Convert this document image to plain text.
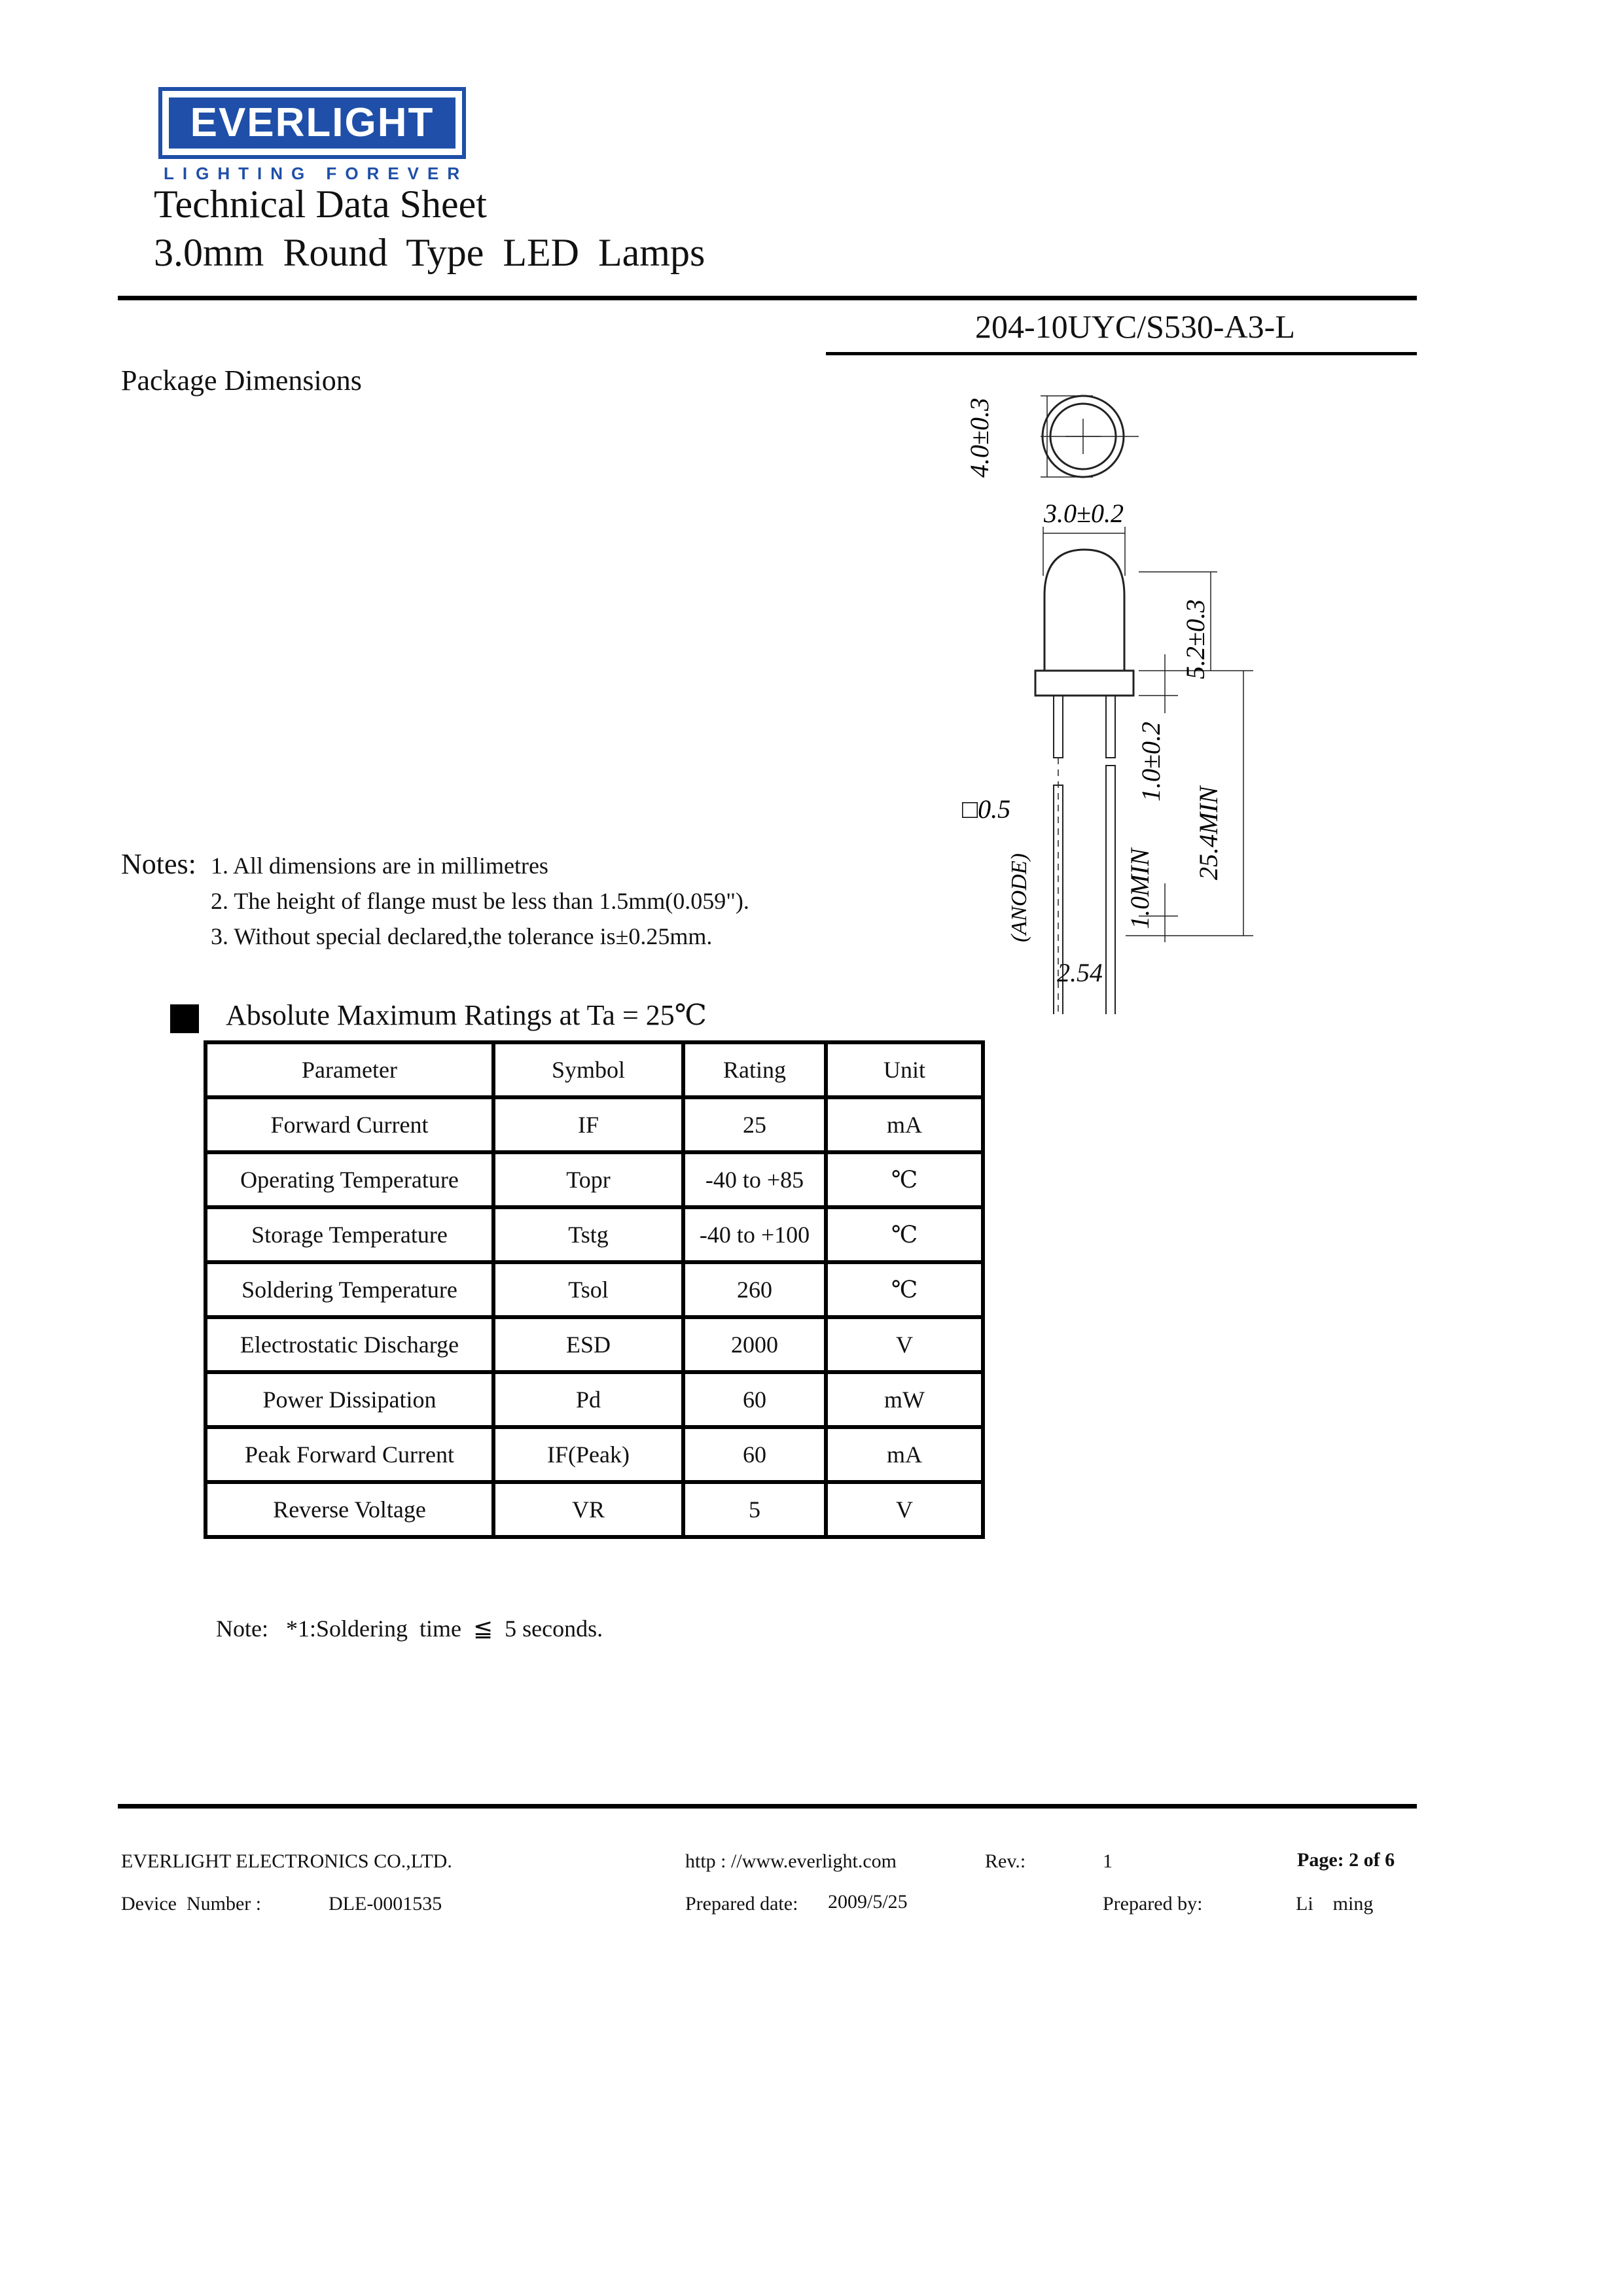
EVERLIGHT
LIGHTING FOREVER
Technical Data Sheet
3.0mm Round Type LED Lamps
204-10UYC/S530-A3-L
Package Dimensions
4.0±0.3
3.0±0.2
5.2±0.3
1.0±0.2
□0.5
(ANODE)	1.0MIN
25.4MIN
2.54
Notes: 1. All dimensions are in millimetres
2. The height of flange must be less than 1.5mm(0.059").
3. Without special declared,the tolerance is±0.25mm.
Absolute Maximum Ratings at Ta = 25℃
Parameter	Symbol	Rating	Unit
Forward Current	IF	25	mA
Operating Temperature	Topr	-40 to +85	℃
Storage Temperature	Tstg	-40 to +100	℃
Soldering Temperature	Tsol	260	℃
Electrostatic Discharge	ESD	2000	V
Power Dissipation	Pd	60	mW
Peak Forward Current	IF(Peak)	60	mA
Reverse Voltage	VR	5	V
Note:   *1:Soldering  time  ≦  5 seconds.
EVERLIGHT ELECTRONICS CO.,LTD.	http : //www.everlight.com	Rev.:	1	Page: 2 of 6
Device  Number :	DLE-0001535	Prepared date: 2009/5/25	Prepared by:	Li    ming
